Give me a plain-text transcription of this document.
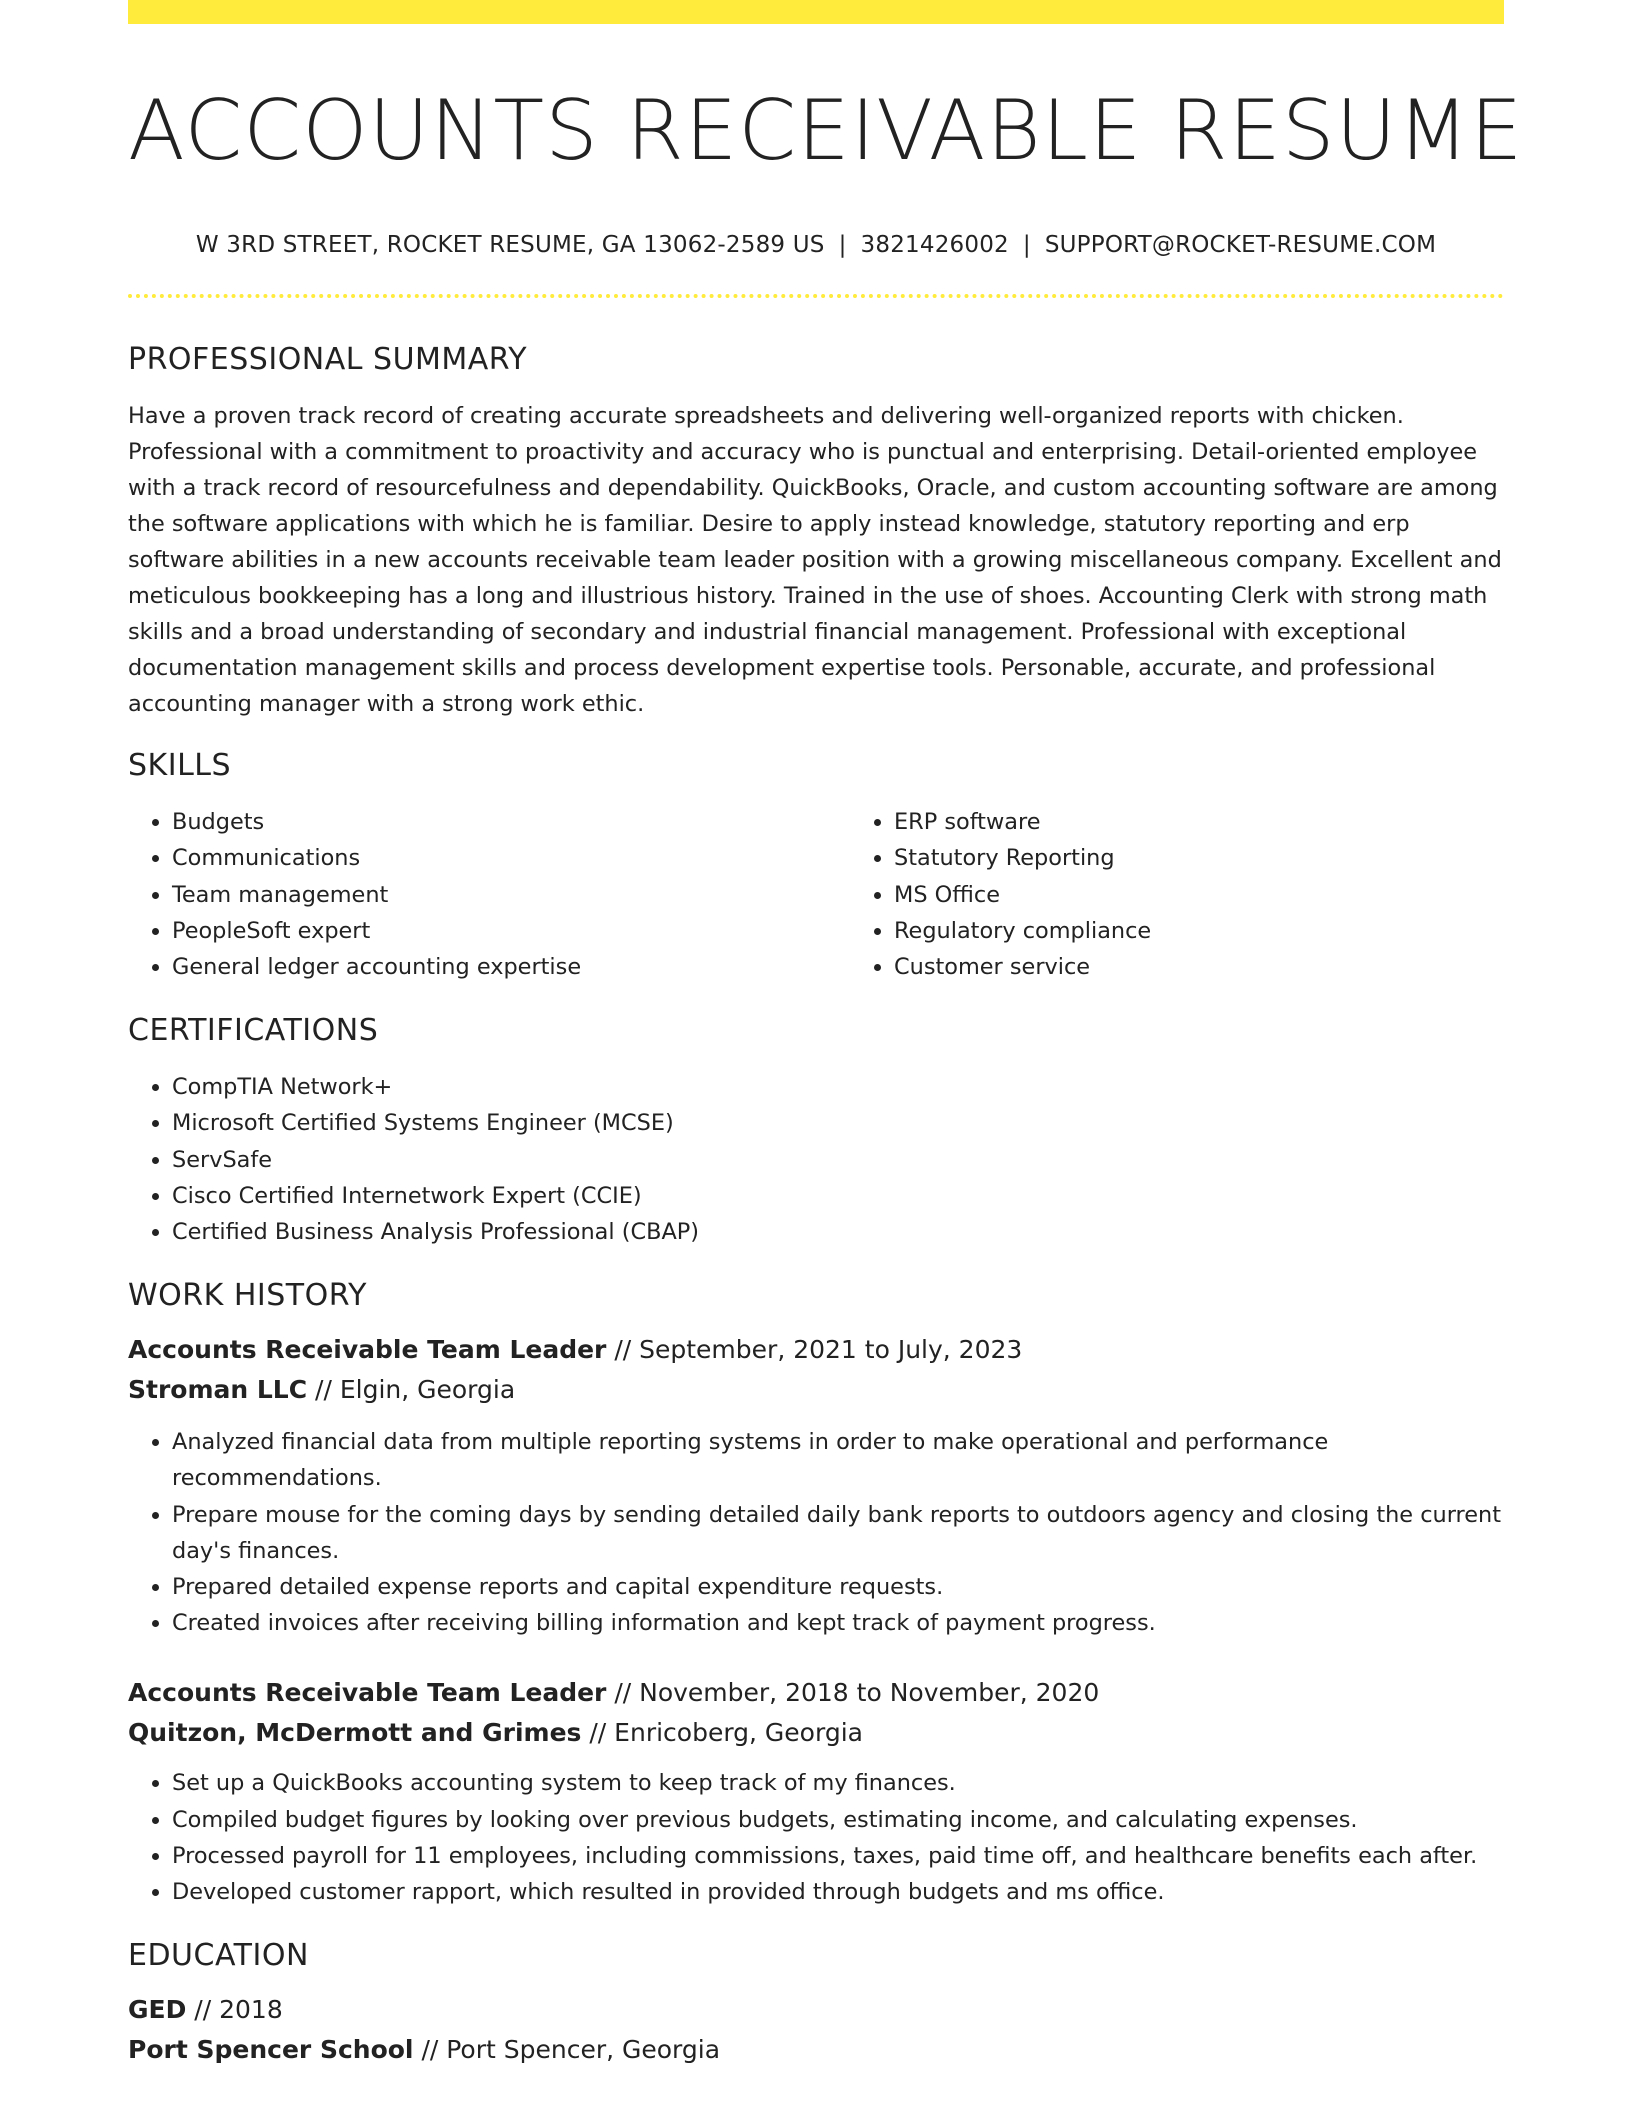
ACCOUNTS RECEIVABLE RESUME
W 3RD STREET, ROCKET RESUME, GA 13062-2589 US | 3821426002 | SUPPORT@ROCKET-RESUME.COM
PROFESSIONAL SUMMARY

Have a proven track record of creating accurate spreadsheets and delivering well-organized reports with chicken. Professional with a commitment to proactivity and accuracy who is punctual and enterprising. Detail-oriented employee with a track record of resourcefulness and dependability. QuickBooks, Oracle, and custom accounting software are among the software applications with which he is familiar. Desire to apply instead knowledge, statutory reporting and erp software abilities in a new accounts receivable team leader position with a growing miscellaneous company. Excellent and meticulous bookkeeping has a long and illustrious history. Trained in the use of shoes. Accounting Clerk with strong math skills and a broad understanding of secondary and industrial financial management. Professional with exceptional documentation management skills and process development expertise tools. Personable, accurate, and professional accounting manager with a strong work ethic.

SKILLS
• Budgets
• Communications
• Team management
• PeopleSoft expert
• General ledger accounting expertise
• ERP software
• Statutory Reporting
• MS Office
• Regulatory compliance
• Customer service
CERTIFICATIONS
• CompTIA Network+
• Microsoft Certified Systems Engineer (MCSE)
• ServSafe
• Cisco Certified Internetwork Expert (CCIE)
• Certified Business Analysis Professional (CBAP)
WORK HISTORY
Accounts Receivable Team Leader // September, 2021 to July, 2023
Stroman LLC // Elgin, Georgia
• Analyzed financial data from multiple reporting systems in order to make operational and performance recommendations.
• Prepare mouse for the coming days by sending detailed daily bank reports to outdoors agency and closing the current day's finances.
• Prepared detailed expense reports and capital expenditure requests.
• Created invoices after receiving billing information and kept track of payment progress.
Accounts Receivable Team Leader // November, 2018 to November, 2020
Quitzon, McDermott and Grimes // Enricoberg, Georgia
• Set up a QuickBooks accounting system to keep track of my finances.
• Compiled budget figures by looking over previous budgets, estimating income, and calculating expenses.
• Processed payroll for 11 employees, including commissions, taxes, paid time off, and healthcare benefits each after.
• Developed customer rapport, which resulted in provided through budgets and ms office.
EDUCATION
GED // 2018
Port Spencer School // Port Spencer, Georgia
